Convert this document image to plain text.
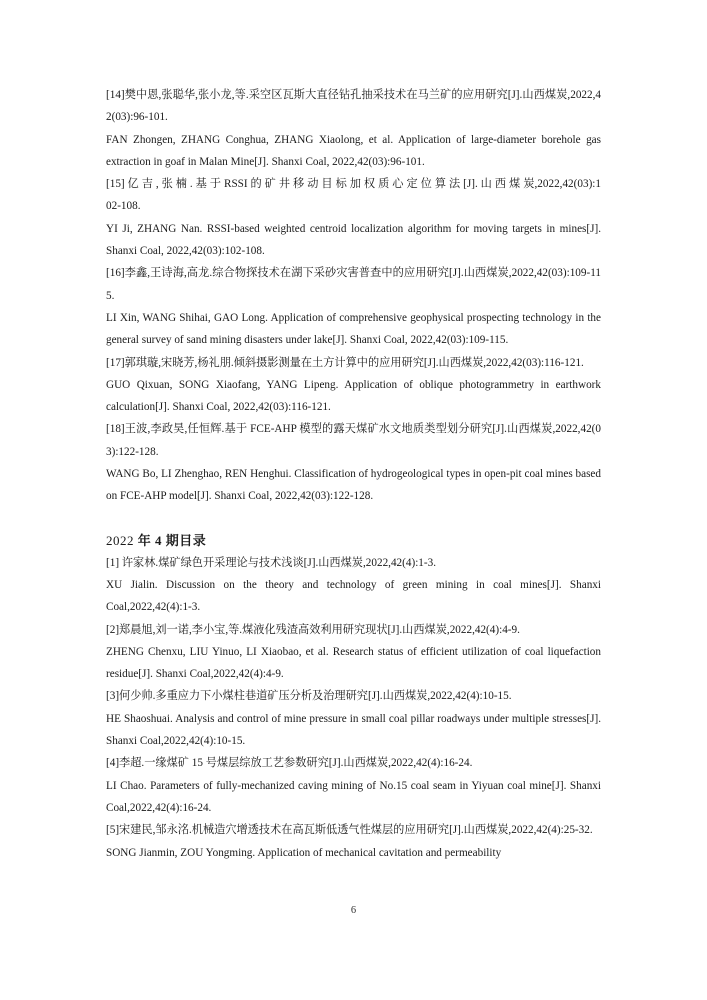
[14]樊中恩,张聪华,张小龙,等.采空区瓦斯大直径钻孔抽采技术在马兰矿的应用研究[J].山西煤炭,2022,42(03):96-101.

FAN Zhongen, ZHANG Conghua, ZHANG Xiaolong, et al. Application of large-diameter borehole gas extraction in goaf in Malan Mine[J]. Shanxi Coal, 2022,42(03):96-101.

[15] 亿 吉 , 张 楠 . 基 于 RSSI 的 矿 井 移 动 目 标 加 权 质 心 定 位 算 法 [J]. 山 西 煤 炭,2022,42(03):102-108.

YI Ji, ZHANG Nan. RSSI-based weighted centroid localization algorithm for moving targets in mines[J]. Shanxi Coal, 2022,42(03):102-108.

[16]李鑫,王诗海,高龙.综合物探技术在湖下采砂灾害普查中的应用研究[J].山西煤炭,2022,42(03):109-115.

LI Xin, WANG Shihai, GAO Long. Application of comprehensive geophysical prospecting technology in the general survey of sand mining disasters under lake[J]. Shanxi Coal, 2022,42(03):109-115.

[17]郭琪璇,宋晓芳,杨礼朋.倾斜摄影测量在土方计算中的应用研究[J].山西煤炭,2022,42(03):116-121.

GUO Qixuan, SONG Xiaofang, YANG Lipeng. Application of oblique photogrammetry in earthwork calculation[J]. Shanxi Coal, 2022,42(03):116-121.

[18]王波,李政昊,任恒辉.基于 FCE-AHP 模型的露天煤矿水文地质类型划分研究[J].山西煤炭,2022,42(03):122-128.

WANG Bo, LI Zhenghao, REN Henghui. Classification of hydrogeological types in open-pit coal mines based on FCE-AHP model[J]. Shanxi Coal, 2022,42(03):122-128.

2022 年 4 期目录

[1] 许家林.煤矿绿色开采理论与技术浅谈[J].山西煤炭,2022,42(4):1-3.

XU Jialin. Discussion on the theory and technology of green mining in coal mines[J]. Shanxi Coal,2022,42(4):1-3.

[2]郑晨旭,刘一诺,李小宝,等.煤液化残渣高效利用研究现状[J].山西煤炭,2022,42(4):4-9.

ZHENG Chenxu, LIU Yinuo, LI Xiaobao, et al. Research status of efficient utilization of coal liquefaction residue[J]. Shanxi Coal,2022,42(4):4-9.

[3]何少帅.多重应力下小煤柱巷道矿压分析及治理研究[J].山西煤炭,2022,42(4):10-15.

HE Shaoshuai. Analysis and control of mine pressure in small coal pillar roadways under multiple stresses[J]. Shanxi Coal,2022,42(4):10-15.

[4]李超.一缘煤矿 15 号煤层综放工艺参数研究[J].山西煤炭,2022,42(4):16-24.

LI Chao. Parameters of fully-mechanized caving mining of No.15 coal seam in Yiyuan coal mine[J]. Shanxi Coal,2022,42(4):16-24.

[5]宋建民,邹永洺.机械造穴增透技术在高瓦斯低透气性煤层的应用研究[J].山西煤炭,2022,42(4):25-32.

SONG Jianmin, ZOU Yongming. Application of mechanical cavitation and permeability

6
